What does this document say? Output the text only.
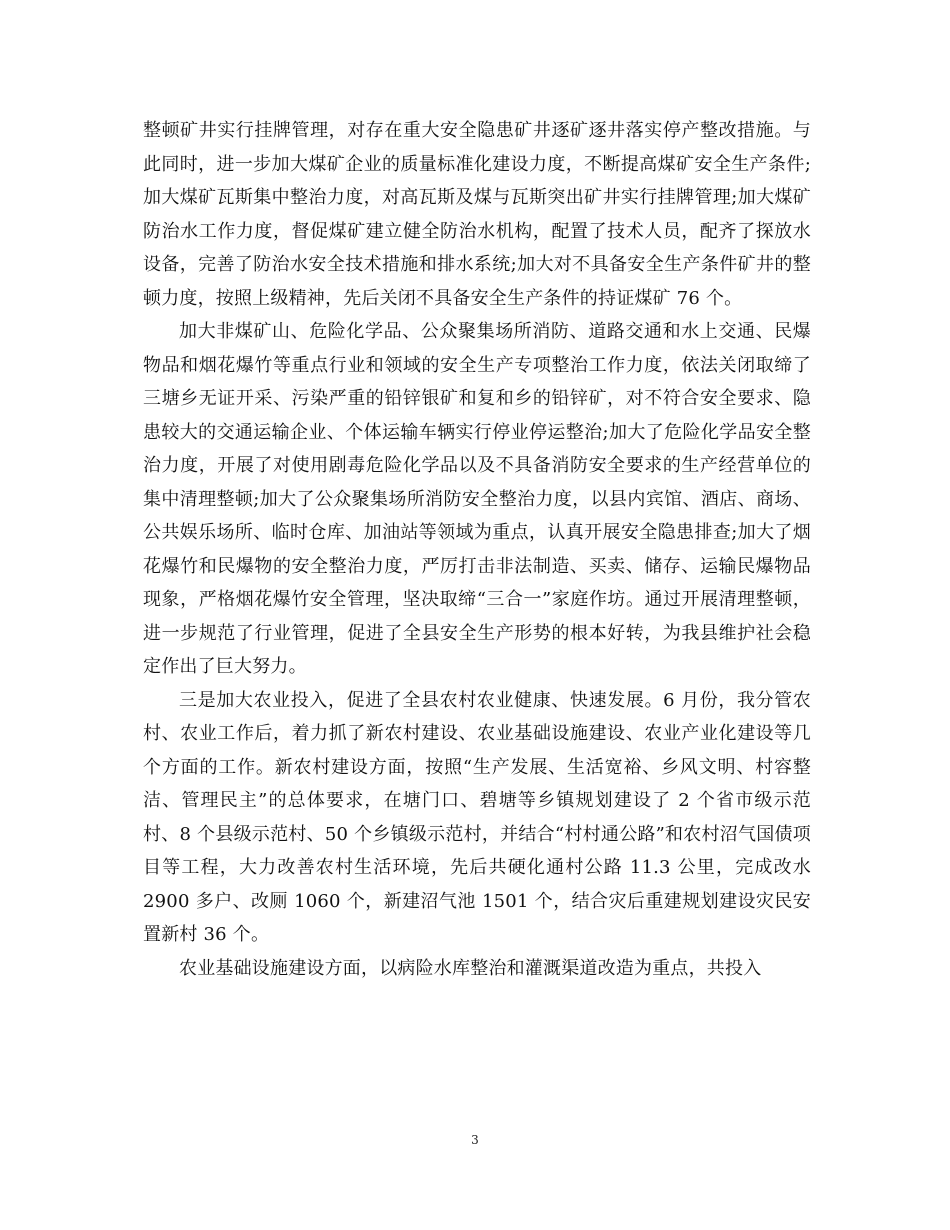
整顿矿井实行挂牌管理，对存在重大安全隐患矿井逐矿逐井落实停产整改措施。与此同时，进一步加大煤矿企业的质量标准化建设力度，不断提高煤矿安全生产条件;加大煤矿瓦斯集中整治力度，对高瓦斯及煤与瓦斯突出矿井实行挂牌管理;加大煤矿防治水工作力度，督促煤矿建立健全防治水机构，配置了技术人员，配齐了探放水设备，完善了防治水安全技术措施和排水系统;加大对不具备安全生产条件矿井的整顿力度，按照上级精神，先后关闭不具备安全生产条件的持证煤矿 76 个。

加大非煤矿山、危险化学品、公众聚集场所消防、道路交通和水上交通、民爆物品和烟花爆竹等重点行业和领域的安全生产专项整治工作力度，依法关闭取缔了三塘乡无证开采、污染严重的铅锌银矿和复和乡的铅锌矿，对不符合安全要求、隐患较大的交通运输企业、个体运输车辆实行停业停运整治;加大了危险化学品安全整治力度，开展了对使用剧毒危险化学品以及不具备消防安全要求的生产经营单位的集中清理整顿;加大了公众聚集场所消防安全整治力度，以县内宾馆、酒店、商场、公共娱乐场所、临时仓库、加油站等领域为重点，认真开展安全隐患排查;加大了烟花爆竹和民爆物的安全整治力度，严厉打击非法制造、买卖、储存、运输民爆物品现象，严格烟花爆竹安全管理，坚决取缔“三合一”家庭作坊。通过开展清理整顿，进一步规范了行业管理，促进了全县安全生产形势的根本好转，为我县维护社会稳定作出了巨大努力。

三是加大农业投入，促进了全县农村农业健康、快速发展。6 月份，我分管农村、农业工作后，着力抓了新农村建设、农业基础设施建设、农业产业化建设等几个方面的工作。新农村建设方面，按照“生产发展、生活宽裕、乡风文明、村容整洁、管理民主”的总体要求，在塘门口、碧塘等乡镇规划建设了 2 个省市级示范村、8 个县级示范村、50 个乡镇级示范村，并结合“村村通公路”和农村沼气国债项目等工程，大力改善农村生活环境，先后共硬化通村公路 11.3 公里，完成改水 2900 多户、改厕 1060 个，新建沼气池 1501 个，结合灾后重建规划建设灾民安置新村 36 个。

农业基础设施建设方面，以病险水库整治和灌溉渠道改造为重点，共投入

3
